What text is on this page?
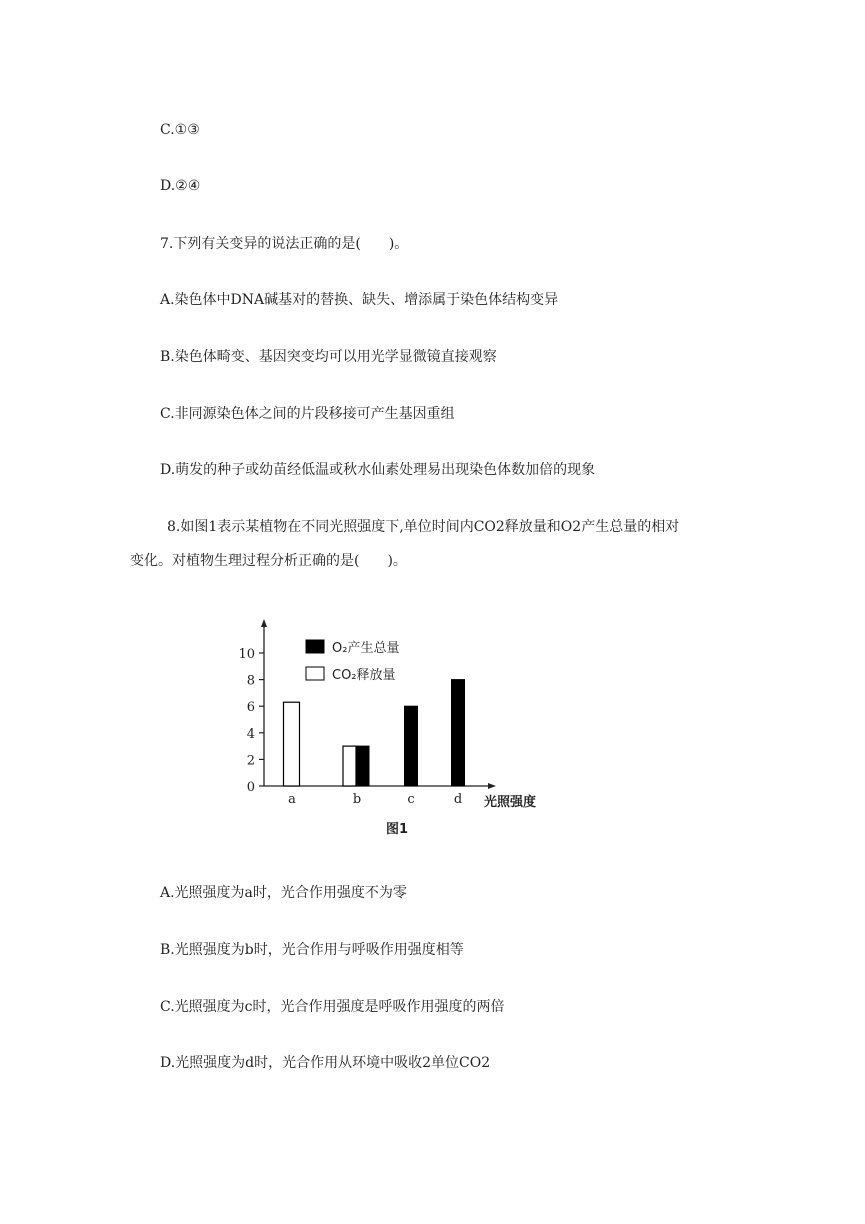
C.①③
D.②④
7.下列有关变异的说法正确的是(　　)。
A.染色体中DNA碱基对的替换、缺失、增添属于染色体结构变异
B.染色体畸变、基因突变均可以用光学显微镜直接观察
C.非同源染色体之间的片段移接可产生基因重组
D.萌发的种子或幼苗经低温或秋水仙素处理易出现染色体数加倍的现象
8.如图1表示某植物在不同光照强度下,单位时间内CO2释放量和O2产生总量的相对
变化。对植物生理过程分析正确的是(　　)。
0
2
4
6
8
10
a	b	c	d
O₂产生总量
CO₂释放量
光照强度
图1
A.光照强度为a时，光合作用强度不为零
B.光照强度为b时，光合作用与呼吸作用强度相等
C.光照强度为c时，光合作用强度是呼吸作用强度的两倍
D.光照强度为d时，光合作用从环境中吸收2单位CO2
